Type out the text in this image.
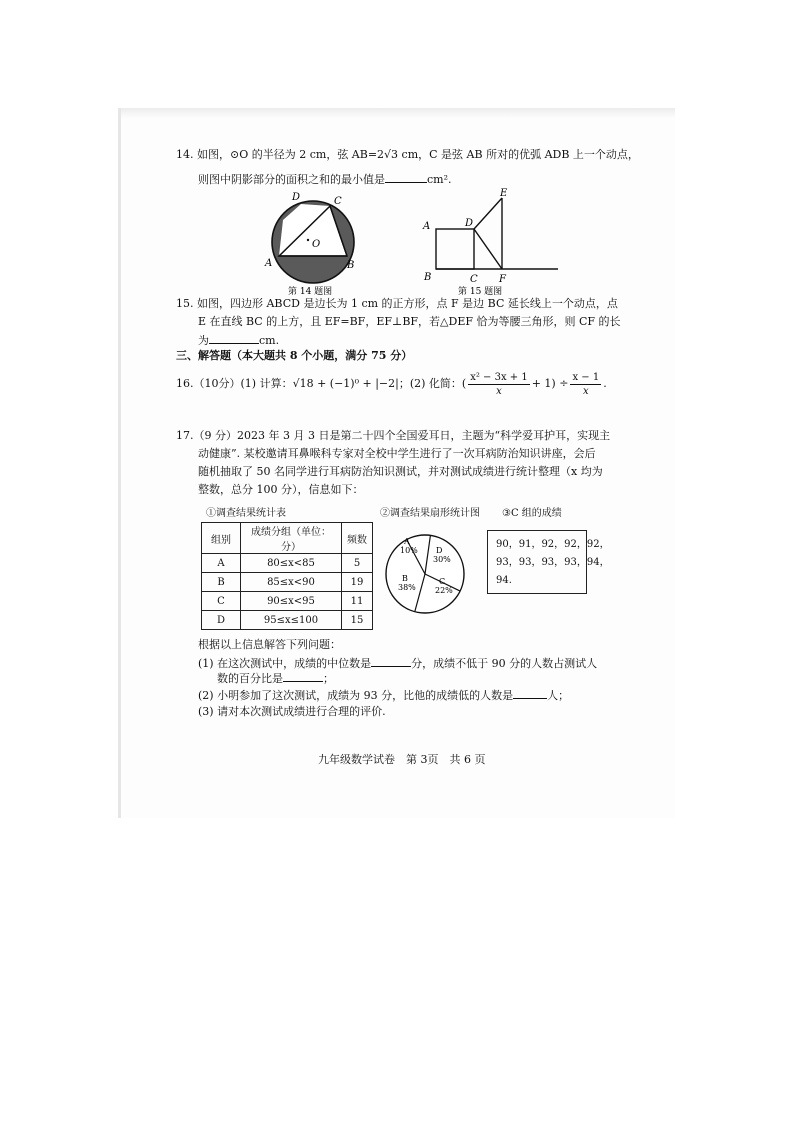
14. 如图，⊙O 的半径为 2 cm，弦 AB=2√3 cm，C 是弦 AB 所对的优弧 ADB 上一个动点，
则图中阴影部分的面积之和的最小值是	cm².
D	C
O
A	B
第 14 题图
E
D
A
B	C F
第 15 题图
15. 如图，四边形 ABCD 是边长为 1 cm 的正方形，点 F 是边 BC 延长线上一个动点，点
E 在直线 BC 的上方，且 EF=BF，EF⊥BF，若△DEF 恰为等腰三角形，则 CF 的长
为	cm.
三、解答题（本大题共 8 个小题，满分 75 分）
16.（10分）(1) 计算：√18 + (−1)⁰ + |−2|；(2) 化简：( $\frac{\text{x² − 3x + 1}}{x} + 1) \div \frac{x - 1}{x}$ .
17.（9 分）2023 年 3 月 3 日是第二十四个全国爱耳日，主题为“科学爱耳护耳，实现主
动健康”. 某校邀请耳鼻喉科专家对全校中学生进行了一次耳病防治知识讲座，会后
随机抽取了 50 名同学进行耳病防治知识测试，并对测试成绩进行统计整理（x 均为
整数，总分 100 分），信息如下：
①调查结果统计表	②调查结果扇形统计图 ③C 组的成绩
组别	成绩分组（单位：分）	频数
A	80≤x<85	5
B	85≤x<90	19
C	90≤x<95	11
D	95≤x≤100	15
A
10% D
30%
C
22%
B
38%
90，91，92，92，92，
93，93，93，93，94，
94.
根据以上信息解答下列问题：
(1) 在这次测试中，成绩的中位数是	分，成绩不低于 90 分的人数占测试人
数的百分比是	；
(2) 小明参加了这次测试，成绩为 93 分，比他的成绩低的人数是	人；
(3) 请对本次测试成绩进行合理的评价.
九年级数学试卷　第 3页　共 6 页
